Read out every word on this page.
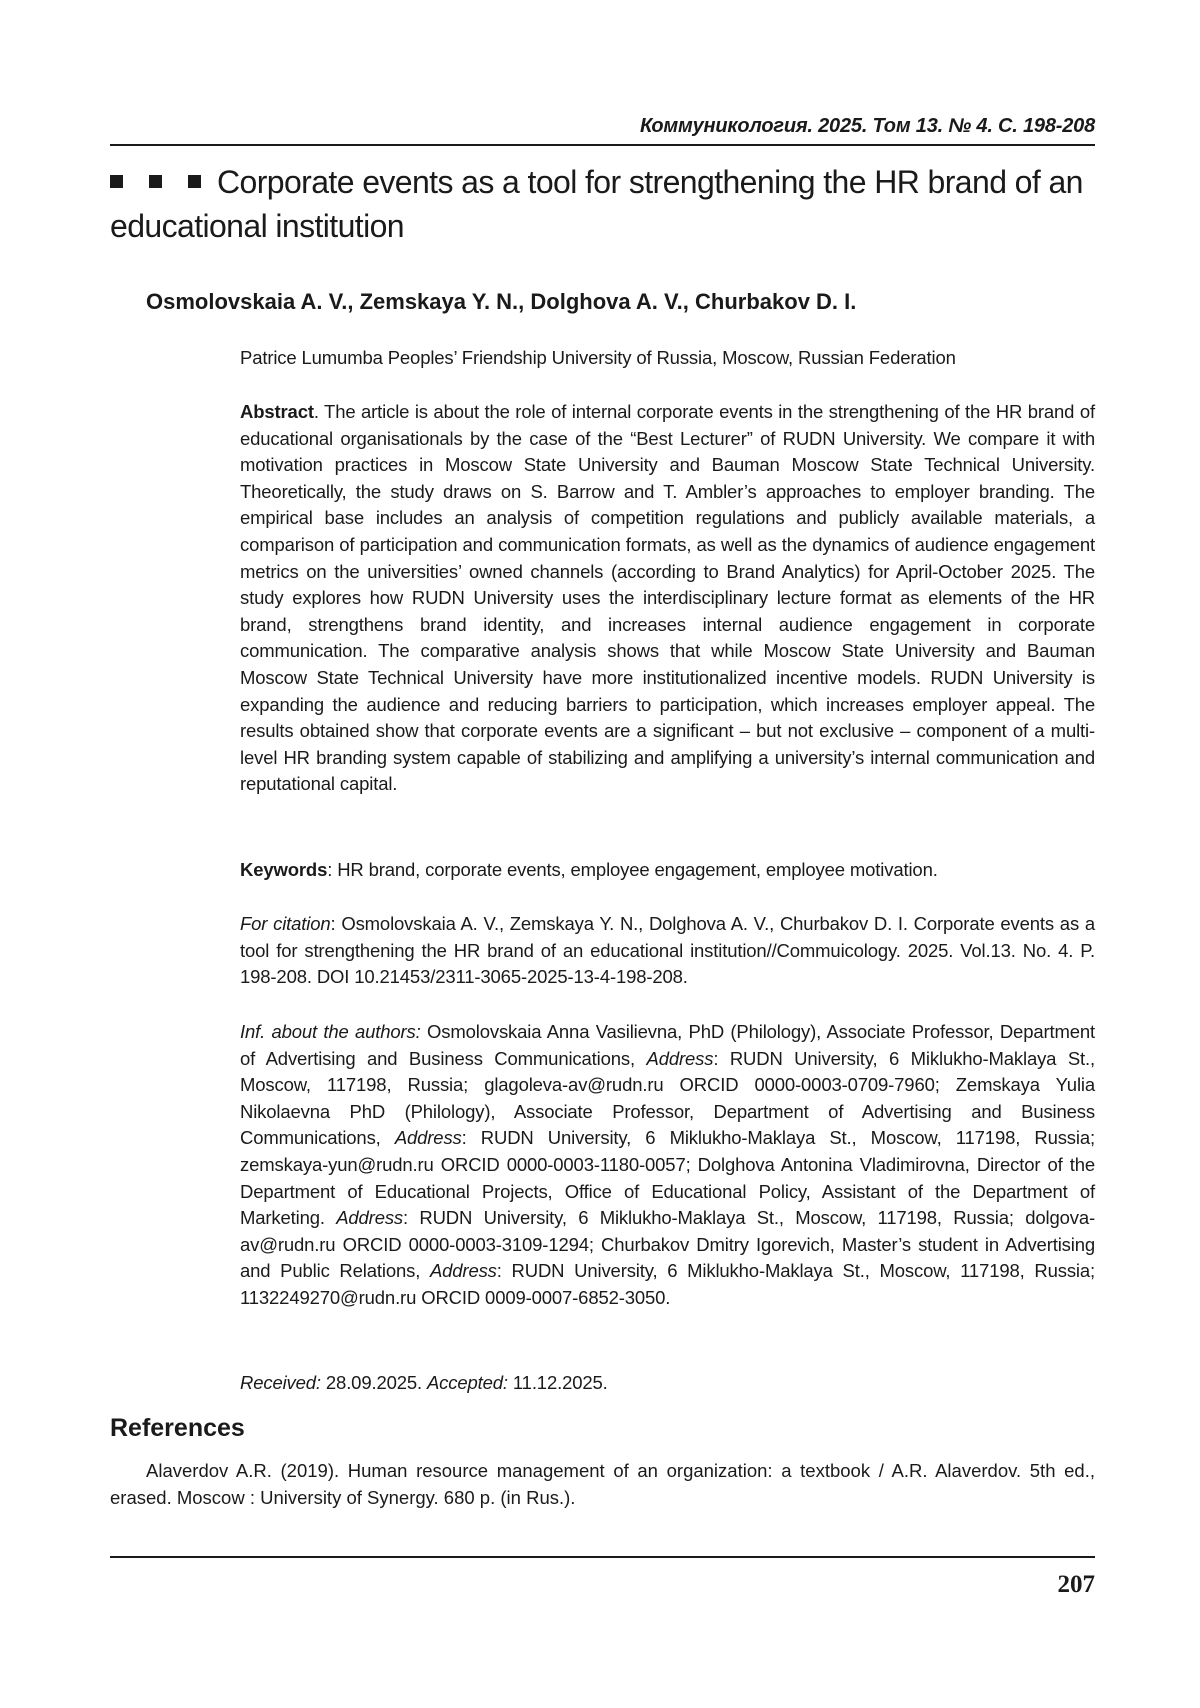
Коммуникология. 2025. Том 13. № 4. С. 198-208
Corporate events as a tool for strengthening the HR brand of an educational institution
Osmolovskaia A. V., Zemskaya Y. N., Dolghova A. V., Churbakov D. I.
Patrice Lumumba Peoples’ Friendship University of Russia, Moscow, Russian Federation
Abstract. The article is about the role of internal corporate events in the strengthening of the HR brand of educational organisationals by the case of the “Best Lecturer” of RUDN University. We compare it with motivation practices in Moscow State University and Bauman Moscow State Technical University. Theoretically, the study draws on S. Barrow and T. Ambler’s approaches to employer branding. The empirical base includes an analysis of competition regulations and publicly available materials, a comparison of participation and communication formats, as well as the dynamics of audience engagement metrics on the universities’ owned channels (according to Brand Analytics) for April-October 2025. The study explores how RUDN University uses the interdisciplinary lecture format as elements of the HR brand, strengthens brand identity, and increases internal audience engagement in corporate communication. The comparative analysis shows that while Moscow State University and Bauman Moscow State Technical University have more institutionalized incentive models. RUDN University is expanding the audience and reducing barriers to participation, which increases employer appeal. The results obtained show that corporate events are a significant – but not exclusive – component of a multi-level HR branding system capable of stabilizing and amplifying a university’s internal communication and reputational capital.
Keywords: HR brand, corporate events, employee engagement, employee motivation.
For citation: Osmolovskaia A. V., Zemskaya Y. N., Dolghova A. V., Churbakov D. I. Corporate events as a tool for strengthening the HR brand of an educational institution//Commuicology. 2025. Vol.13. No. 4. P. 198-208. DOI 10.21453/2311-3065-2025-13-4-198-208.
Inf. about the authors: Osmolovskaia Anna Vasilievna, PhD (Philology), Associate Professor, Department of Advertising and Business Communications, Address: RUDN University, 6 Miklukho-Maklaya St., Moscow, 117198, Russia; glagoleva-av@rudn.ru ORCID 0000-0003-0709-7960; Zemskaya Yulia Nikolaevna PhD (Philology), Associate Professor, Department of Advertising and Business Communications, Address: RUDN University, 6 Miklukho-Maklaya St., Moscow, 117198, Russia; zemskaya-yun@rudn.ru ORCID 0000-0003-1180-0057; Dolghova Antonina Vladimirovna, Director of the Department of Educational Projects, Office of Educational Policy, Assistant of the Department of Marketing. Address: RUDN University, 6 Miklukho-Maklaya St., Moscow, 117198, Russia; dolgova-av@rudn.ru ORCID 0000-0003-3109-1294; Churbakov Dmitry Igorevich, Master’s student in Advertising and Public Relations, Address: RUDN University, 6 Miklukho-Maklaya St., Moscow, 117198, Russia; 1132249270@rudn.ru ORCID 0009-0007-6852-3050.
Received: 28.09.2025. Accepted: 11.12.2025.
References
Alaverdov A.R. (2019). Human resource management of an organization: a textbook / A.R. Alaverdov. 5th ed., erased. Moscow : University of Synergy. 680 p. (in Rus.).
207
